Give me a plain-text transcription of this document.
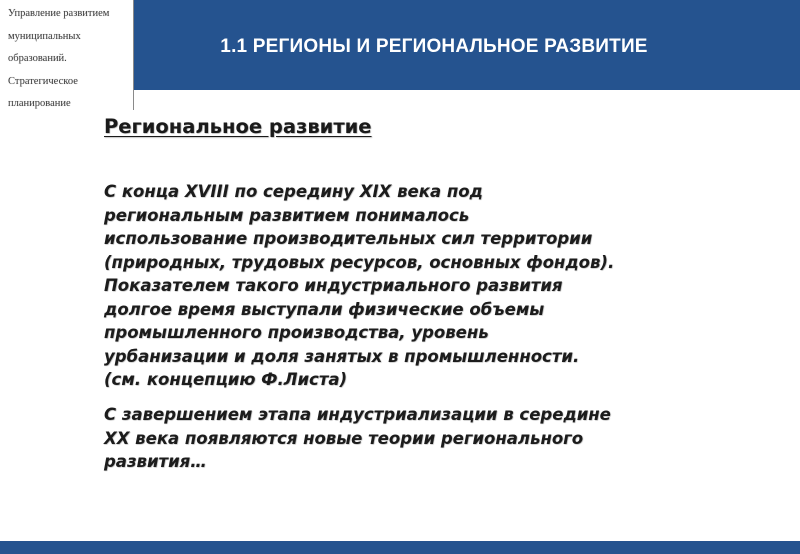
Управление развитием
муниципальных
образований.
Стратегическое
планирование
1.1 РЕГИОНЫ И РЕГИОНАЛЬНОЕ РАЗВИТИЕ
Региональное развитие
С конца XVIII по середину XIX века под
региональным развитием понималось
использование производительных сил территории
(природных, трудовых ресурсов, основных фондов).
Показателем такого индустриального развития
долгое время выступали физические объемы
промышленного производства, уровень
урбанизации и доля занятых в промышленности.
(см. концепцию Ф.Листа)
С завершением этапа индустриализации в середине
XX века появляются новые теории регионального
развития…
